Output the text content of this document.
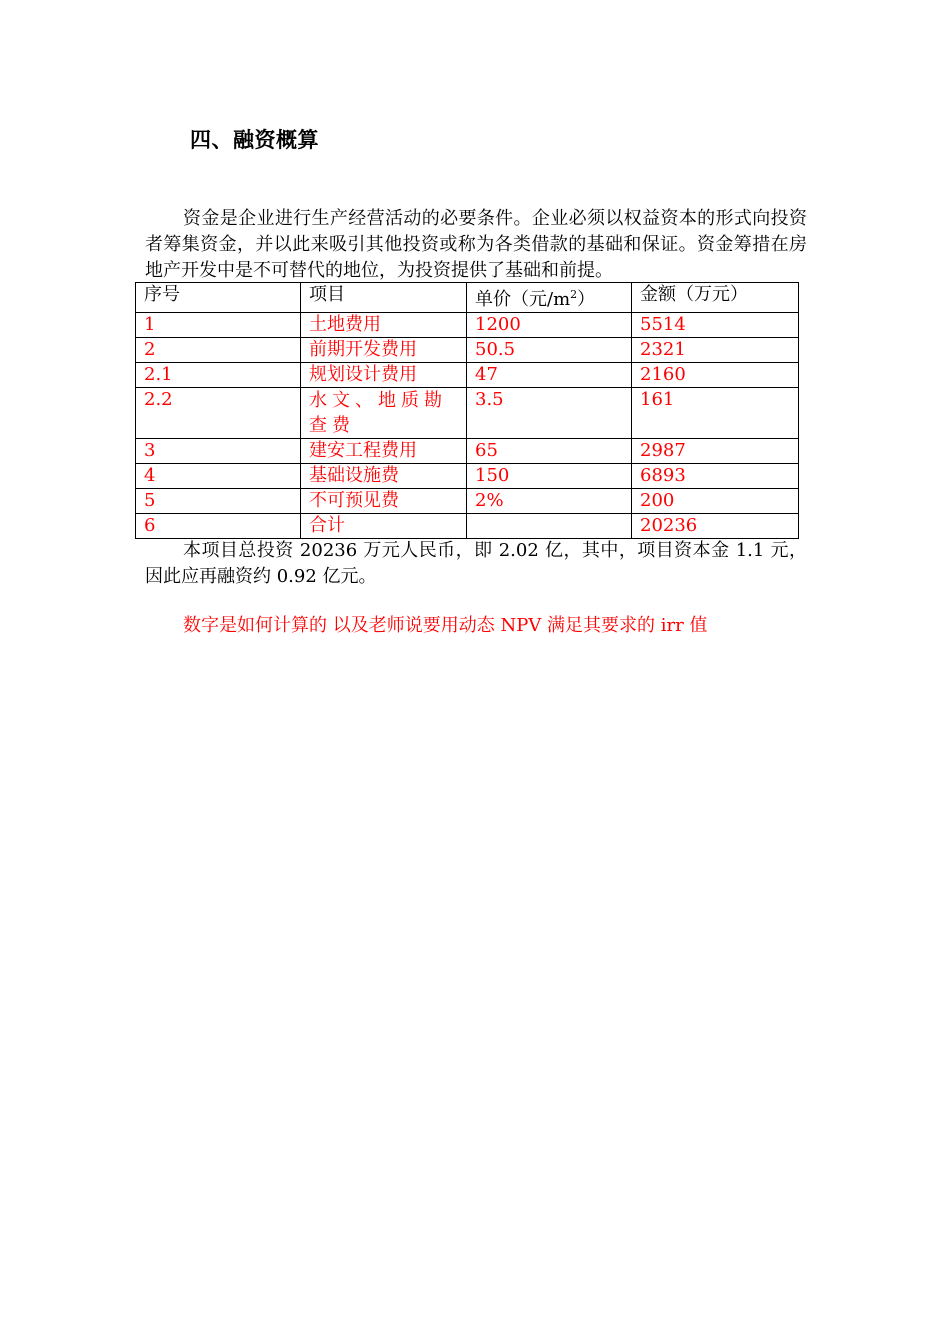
四、融资概算
资金是企业进行生产经营活动的必要条件。企业必须以权益资本的形式向投资者筹集资金，并以此来吸引其他投资或称为各类借款的基础和保证。资金筹措在房地产开发中是不可替代的地位，为投资提供了基础和前提。
序号	项目	单价（元$/m^2$）	金额（万元）
1	土地费用	1200	5514
2	前期开发费用	50.5	2321
2.1	规划设计费用	47	2160
2.2	水文、地质勘查费	3.5	161
3	建安工程费用	65	2987
4	基础设施费	150	6893
5	不可预见费	2%	200
6	合计		20236
本项目总投资 20236 万元人民币，即 2.02 亿，其中，项目资本金 1.1 元，因此应再融资约 0.92 亿元。
数字是如何计算的 以及老师说要用动态 NPV 满足其要求的 irr 值
